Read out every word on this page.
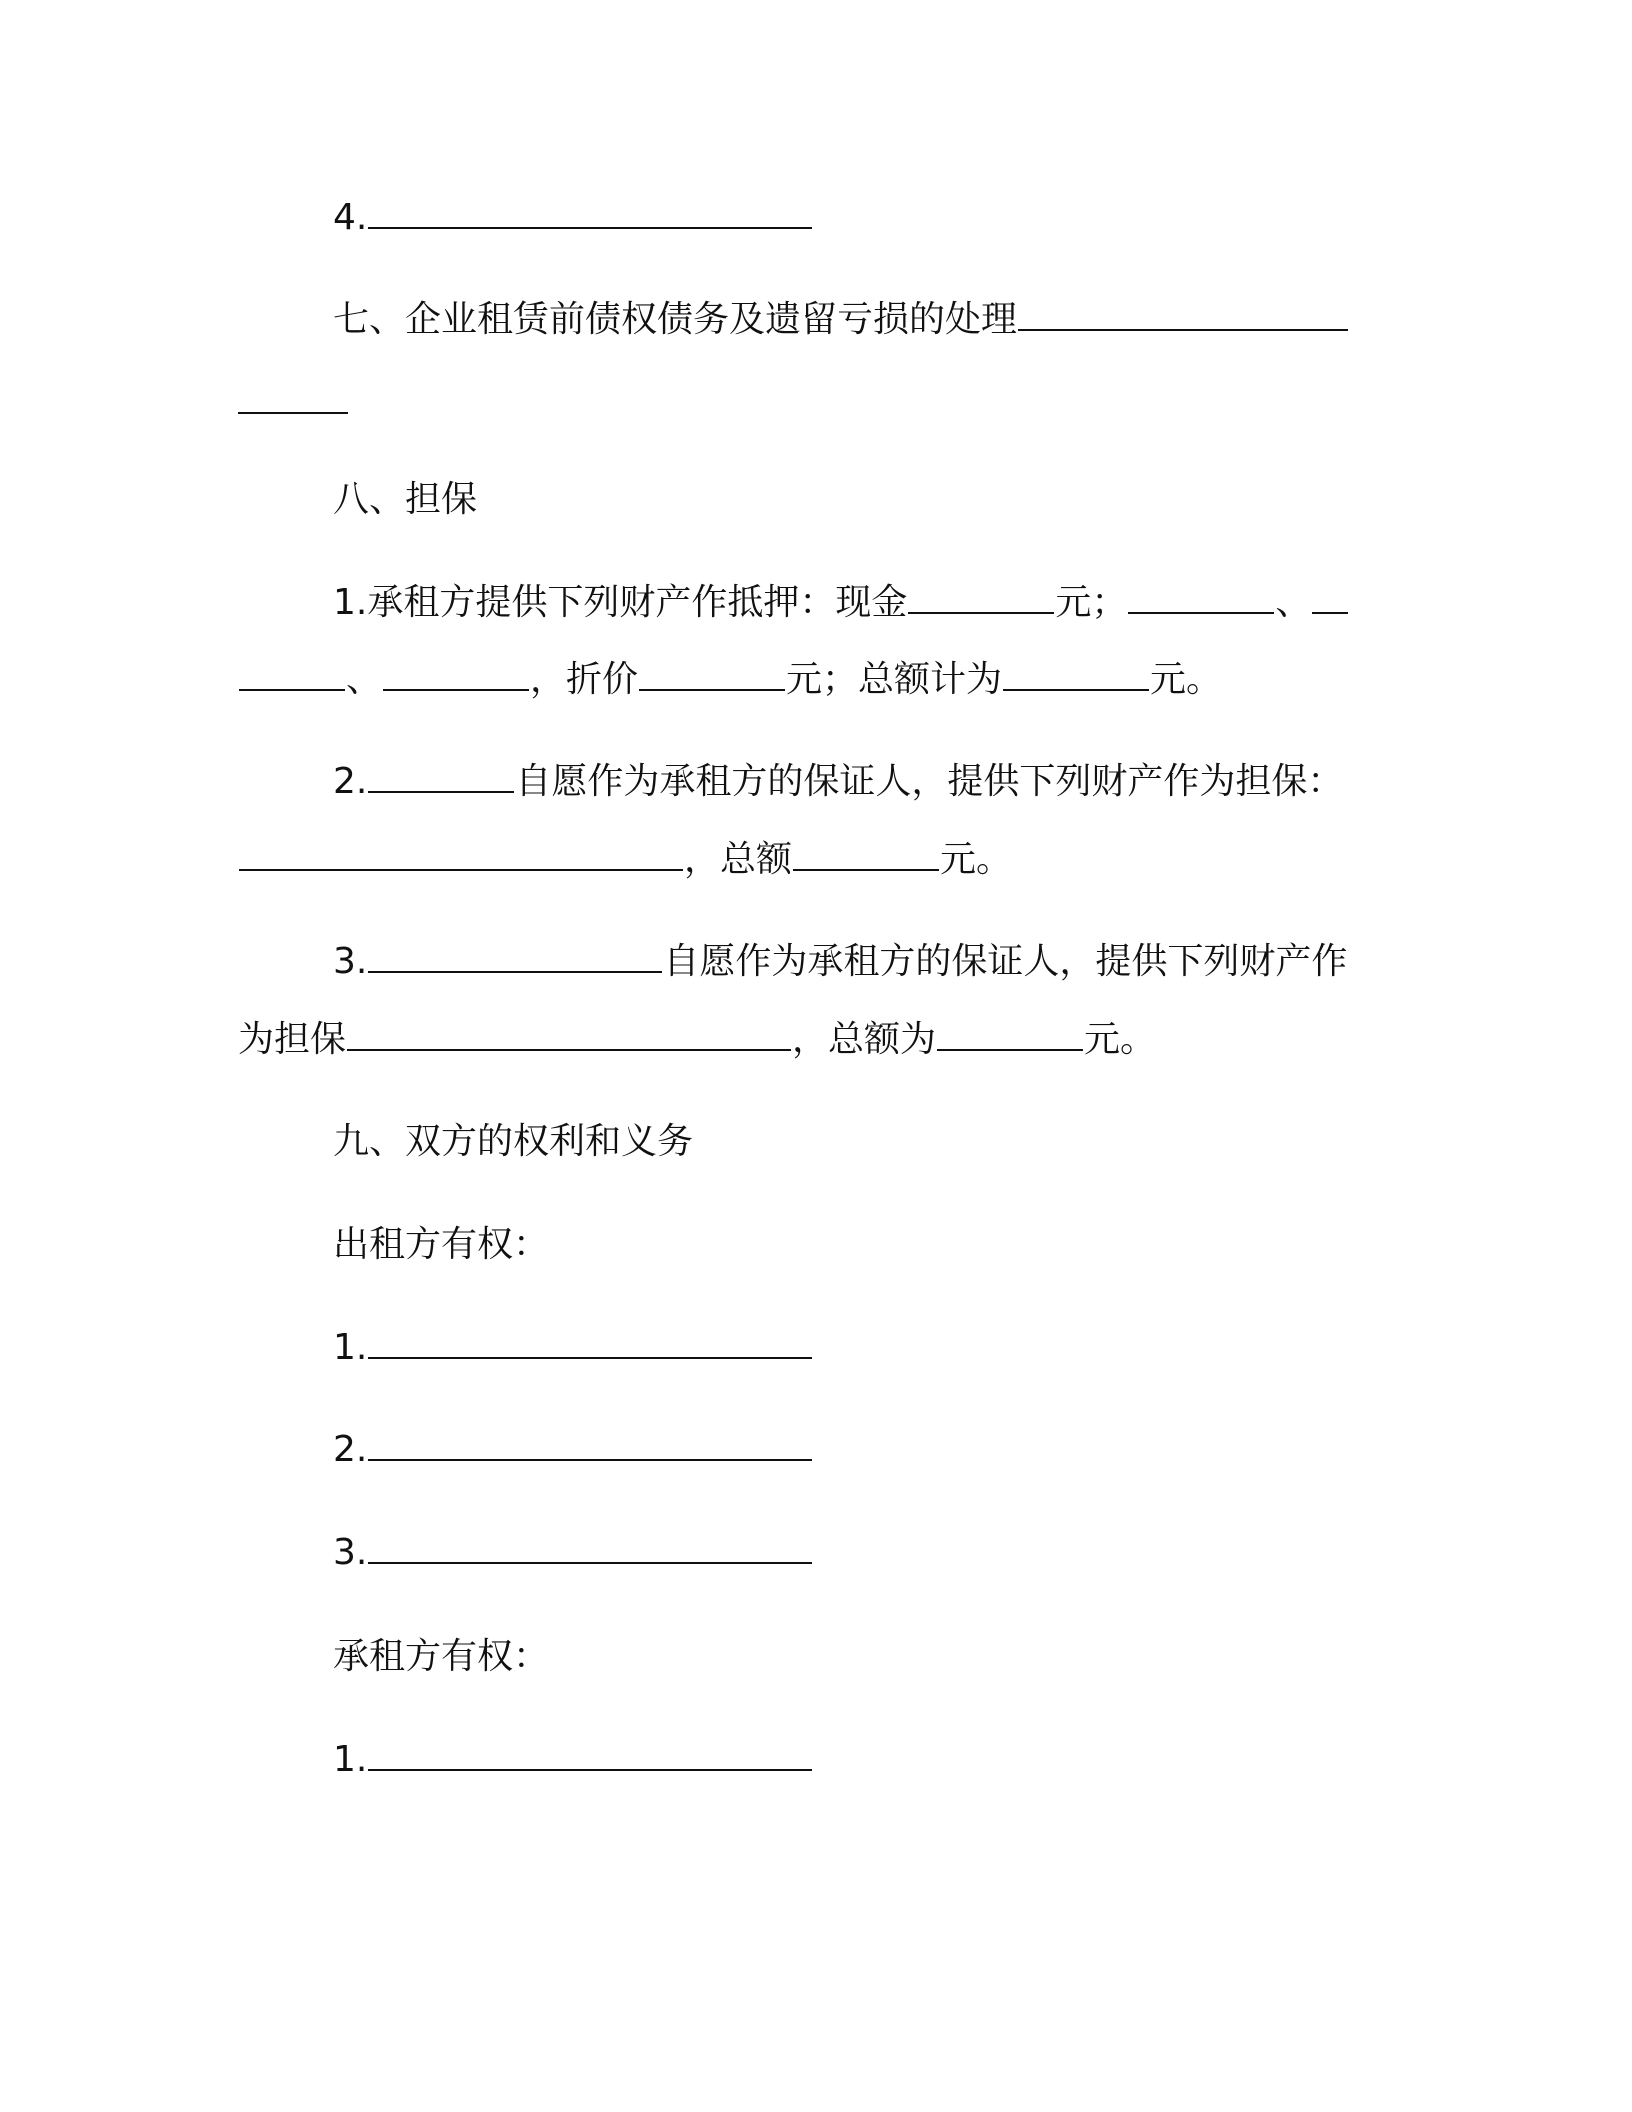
4.
七、企业租赁前债权债务及遗留亏损的处理
八、担保
1.承租方提供下列财产作抵押：现金	元；	、
、	，折价	元；总额计为	元。
2.	自愿作为承租方的保证人，提供下列财产作为担保：
，总额	元。
3.	自愿作为承租方的保证人，提供下列财产作
为担保	，总额为	元。
九、双方的权利和义务
出租方有权：
1.
2.
3.
承租方有权：
1.
